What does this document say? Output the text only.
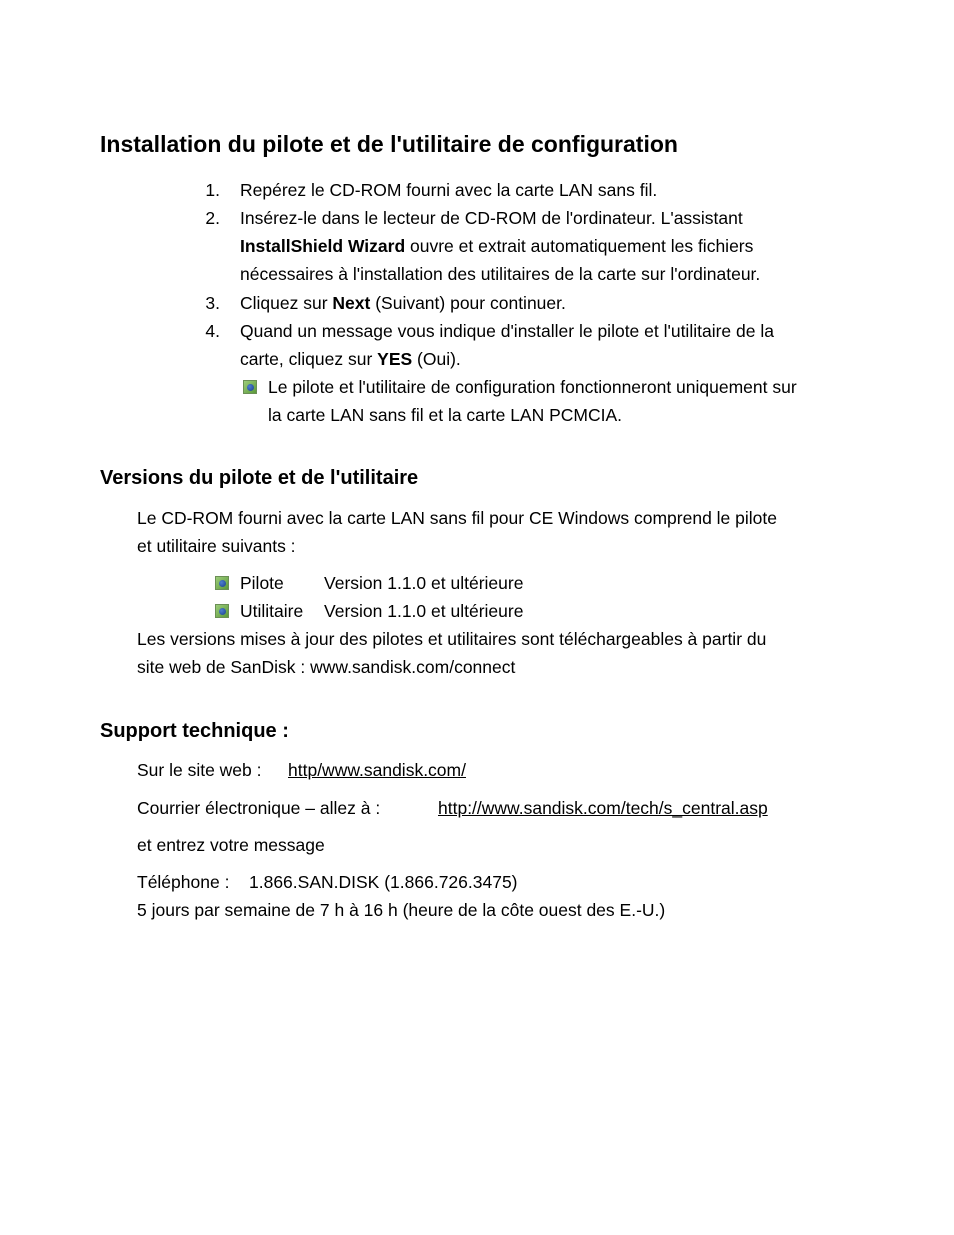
Installation du pilote et de l'utilitaire de configuration
1. Repérez le CD-ROM fourni avec la carte LAN sans fil.
2. Insérez-le dans le lecteur de CD-ROM de l'ordinateur. L'assistant
InstallShield Wizard ouvre et extrait automatiquement les fichiers
nécessaires à l'installation des utilitaires de la carte sur l'ordinateur.
3. Cliquez sur Next (Suivant) pour continuer.
4. Quand un message vous indique d'installer le pilote et l'utilitaire de la
carte, cliquez sur YES (Oui).
Le pilote et l'utilitaire de configuration fonctionneront uniquement sur
la carte LAN sans fil et la carte LAN PCMCIA.
Versions du pilote et de l'utilitaire
Le CD-ROM fourni avec la carte LAN sans fil pour CE Windows comprend le pilote
et utilitaire suivants :
Pilote Version 1.1.0 et ultérieure
Utilitaire Version 1.1.0 et ultérieure
Les versions mises à jour des pilotes et utilitaires sont téléchargeables à partir du
site web de SanDisk : www.sandisk.com/connect
Support technique :
Sur le site web : http/www.sandisk.com/
Courrier électronique – allez à :	http://www.sandisk.com/tech/s_central.asp
et entrez votre message
Téléphone : 1.866.SAN.DISK (1.866.726.3475)
5 jours par semaine de 7 h à 16 h (heure de la côte ouest des E.-U.)
